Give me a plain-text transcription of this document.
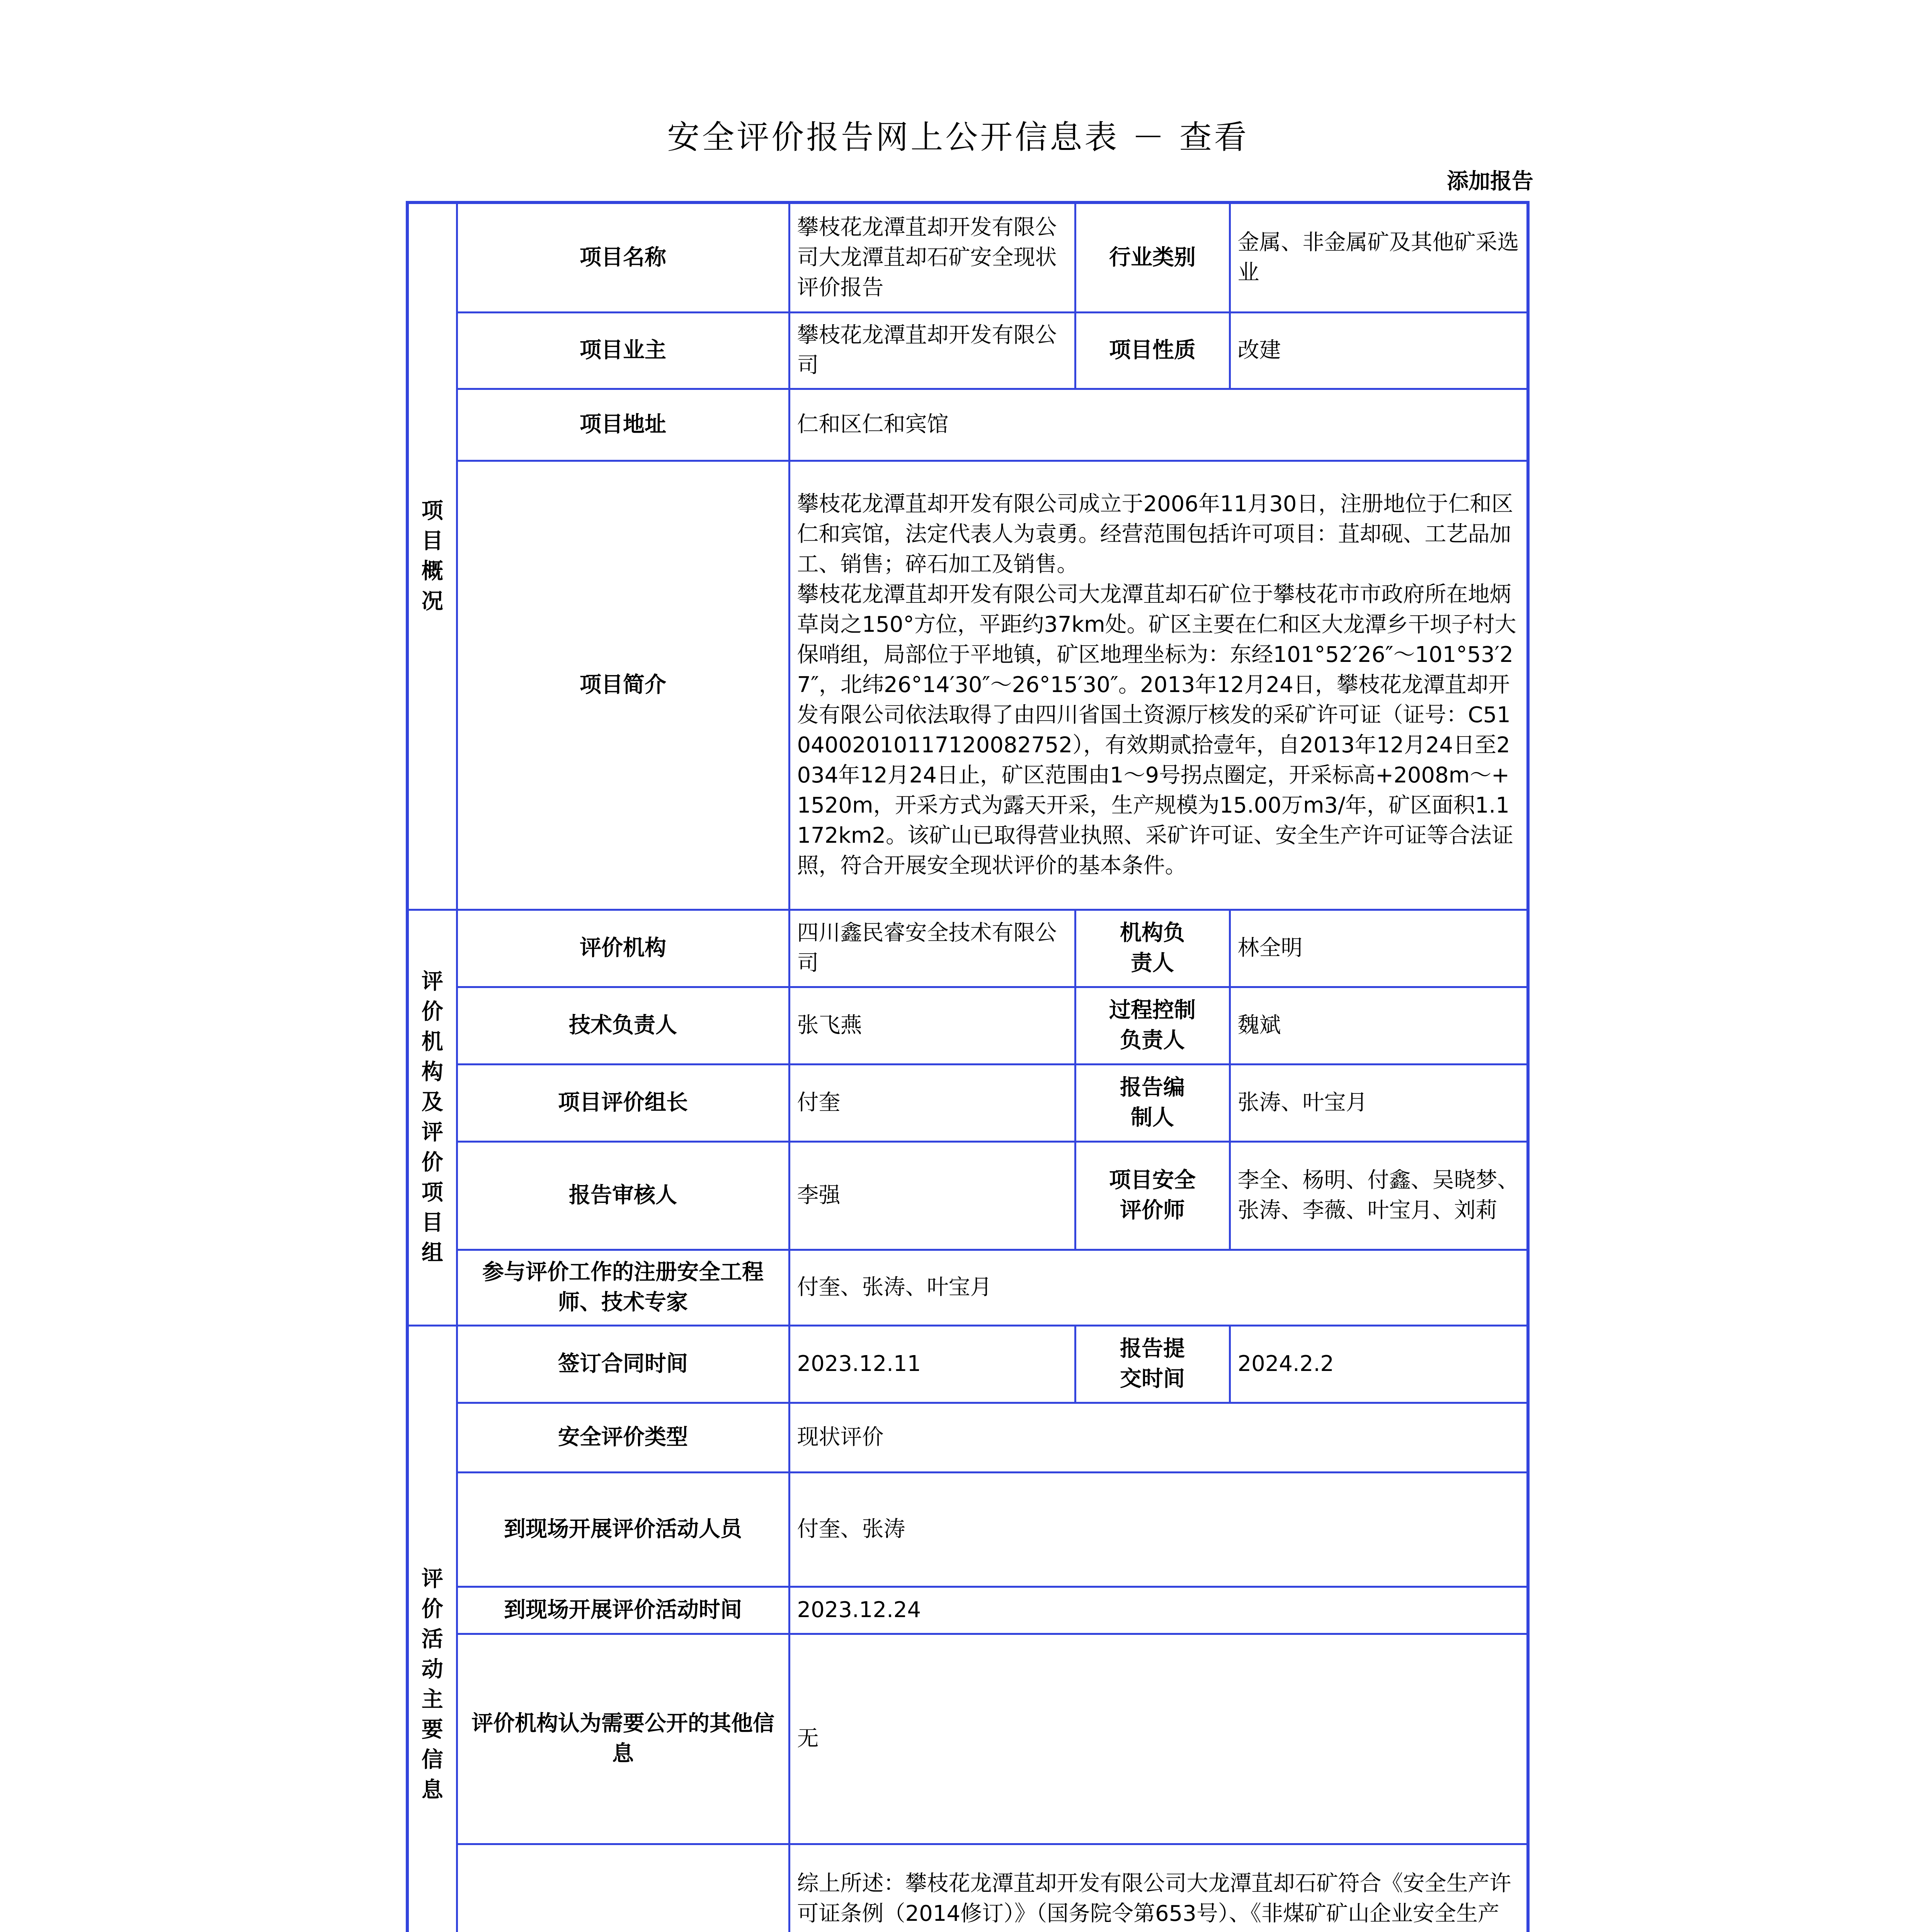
安全评价报告网上公开信息表 － 查看
添加报告
项目概况	项目名称	攀枝花龙潭苴却开发有限公司大龙潭苴却石矿安全现状评价报告	行业类别	金属、非金属矿及其他矿采选业
	项目业主	攀枝花龙潭苴却开发有限公司	项目性质	改建
	项目地址	仁和区仁和宾馆		
	项目简介	攀枝花龙潭苴却开发有限公司成立于2006年11月30日，注册地位于仁和区仁和宾馆，法定代表人为袁勇。经营范围包括许可项目：苴却砚、工艺品加工、销售；碎石加工及销售。
攀枝花龙潭苴却开发有限公司大龙潭苴却石矿位于攀枝花市市政府所在地炳草岗之150°方位，平距约37km处。矿区主要在仁和区大龙潭乡干坝子村大保哨组，局部位于平地镇，矿区地理坐标为：东经101°52′26″～101°53′27″，北纬26°14′30″～26°15′30″。2013年12月24日，攀枝花龙潭苴却开发有限公司依法取得了由四川省国土资源厅核发的采矿许可证（证号：C5104002010117120082752），有效期贰拾壹年，自2013年12月24日至2034年12月24日止，矿区范围由1～9号拐点圈定，开采标高+2008m～+1520m，开采方式为露天开采，生产规模为15.00万m3/年，矿区面积1.1172km2。该矿山已取得营业执照、采矿许可证、安全生产许可证等合法证照，符合开展安全现状评价的基本条件。		
评价机构及评价项目组	评价机构	四川鑫民睿安全技术有限公司	机构负责人	林全明
	技术负责人	张飞燕	过程控制负责人	魏斌
	项目评价组长	付奎	报告编制人	张涛、叶宝月
	报告审核人	李强	项目安全评价师	李全、杨明、付鑫、吴晓梦、张涛、李薇、叶宝月、刘莉
	参与评价工作的注册安全工程师、技术专家	付奎、张涛、叶宝月		
评价活动主要信息	签订合同时间	2023.12.11	报告提交时间	2024.2.2
	安全评价类型	现状评价		
	到现场开展评价活动人员	付奎、张涛		
	到现场开展评价活动时间	2023.12.24		
	评价机构认为需要公开的其他信息	无		
	综上所述：攀枝花龙潭苴却开发有限公司大龙潭苴却石矿符合《安全生产许可证条例（2014修订）》（国务院令第653号）、《非煤矿矿山企业安全生产		
